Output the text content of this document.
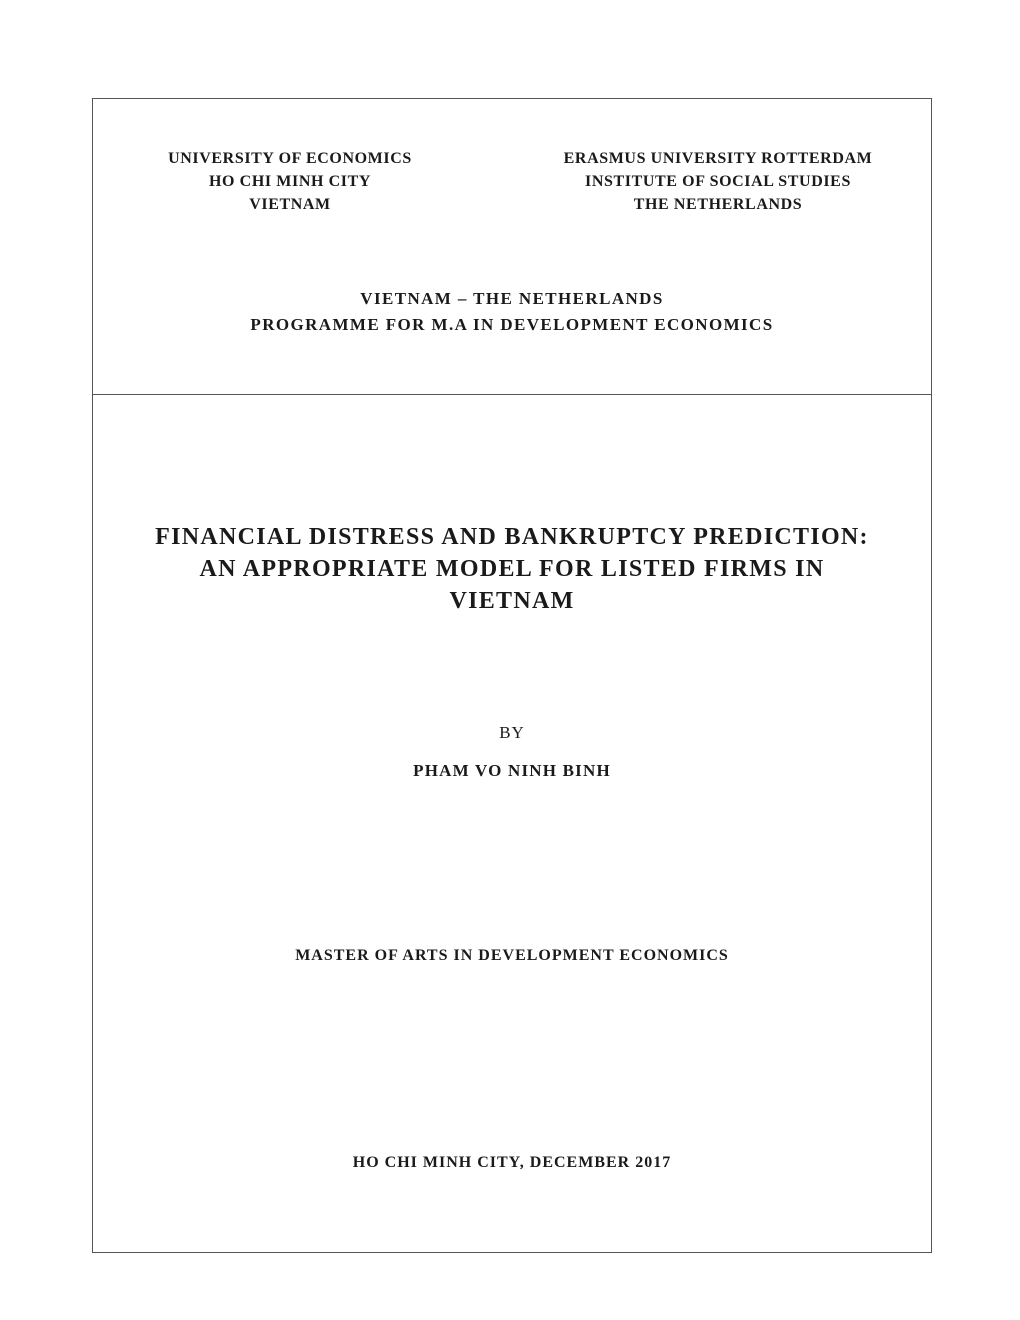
UNIVERSITY OF ECONOMICS
HO CHI MINH CITY
VIETNAM
ERASMUS UNIVERSITY ROTTERDAM
INSTITUTE OF SOCIAL STUDIES
THE NETHERLANDS
VIETNAM – THE NETHERLANDS
PROGRAMME FOR M.A IN DEVELOPMENT ECONOMICS
FINANCIAL DISTRESS AND BANKRUPTCY PREDICTION:
AN APPROPRIATE MODEL FOR LISTED FIRMS IN
VIETNAM
BY
PHAM VO NINH BINH
MASTER OF ARTS IN DEVELOPMENT ECONOMICS
HO CHI MINH CITY, DECEMBER 2017
